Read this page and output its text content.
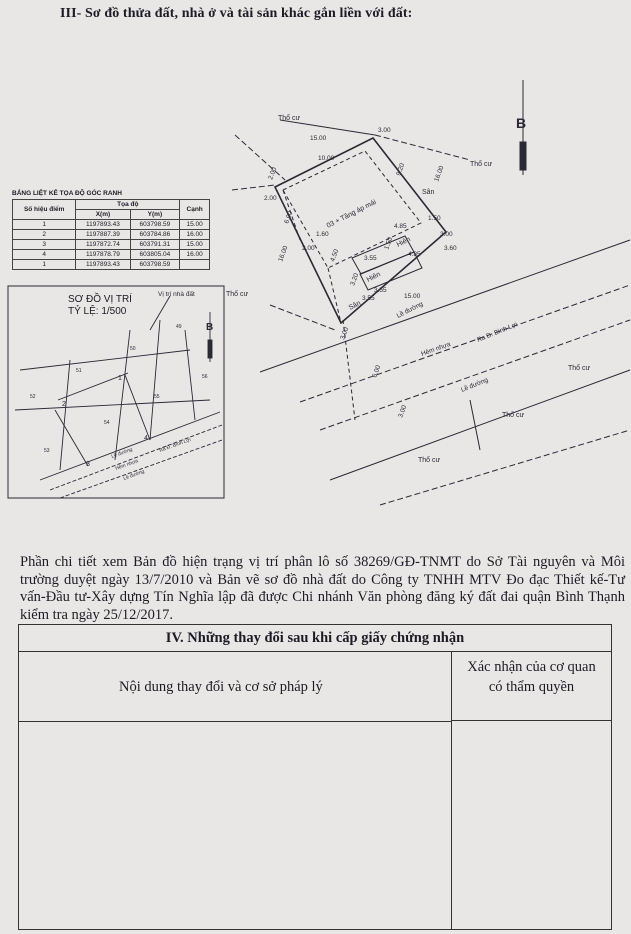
III- Sơ đồ thửa đất, nhà ở và tài sản khác gắn liền với đất:
B
Thổ cư
Thổ cư
Thổ cư
Thổ cư
Thổ cư
Thổ cư
03 + Tầng áp mái
Sân
Sân
Hiên
Hiên
Lề đường
Hẻm nhựa
Ra Đ. Bình Lợi
Lề đường
15.00
10.00
3.00
2.00
2.00
9.20	16.00
6.00
16.00
1.60
2.00 4.50
4.85
1.50
3.00
4.85
3.55
3.60
3.55
1.50
3.20
3.55	15.00
3.00
6.00
3.00
BẢNG LIỆT KÊ TỌA ĐỘ GÓC RANH
Số hiệu điểm	Tọa độ		Cạnh
	X(m)	Y(m)	
1	1197893.43	603798.59	15.00
2	1197887.39	603784.86	16.00
3	1197872.74	603791.31	15.00
4	1197878.79	603805.04	16.00
1	1197893.43	603798.59	
Vị trí nhà đất
B
49
50
51
52
53
54
55
56
1
2
3
4
Lề đường
Hẻm nhựa
Lề đường
Ra Đ. Bình Lợi
SƠ ĐỒ VỊ TRÍ
TỶ LỆ: 1/500
Phần chi tiết xem Bản đồ hiện trạng vị trí phân lô số 38269/GĐ-TNMT do Sở Tài nguyên và Môi trường duyệt ngày 13/7/2010 và Bản vẽ sơ đồ nhà đất do Công ty TNHH MTV Đo đạc Thiết kế-Tư vấn-Đầu tư-Xây dựng Tín Nghĩa lập đã được Chi nhánh Văn phòng đăng ký đất đai quận Bình Thạnh kiểm tra ngày 25/12/2017.
IV. Những thay đổi sau khi cấp giấy chứng nhận
Nội dung thay đổi và cơ sở pháp lý
Xác nhận của cơ quan
có thẩm quyền
